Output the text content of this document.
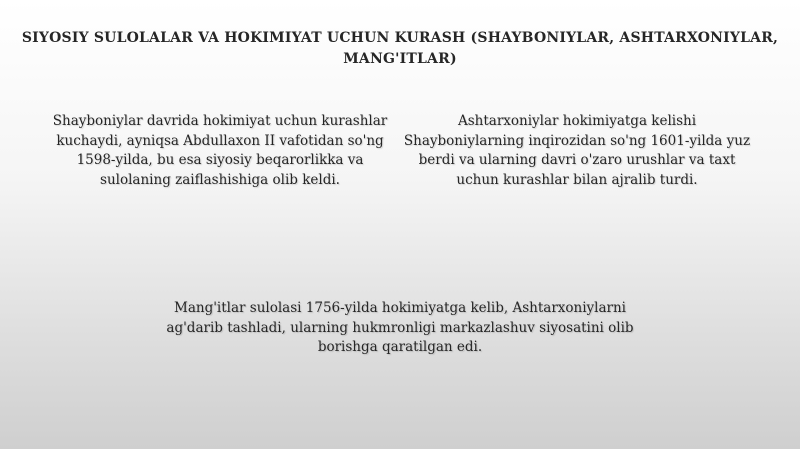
SIYOSIY SULOLALAR VA HOKIMIYAT UCHUN KURASH (SHAYBONIYLAR, ASHTARXONIYLAR, MANG'ITLAR)

Shayboniylar davrida hokimiyat uchun kurashlar kuchaydi, ayniqsa Abdullaxon II vafotidan so'ng 1598-yilda, bu esa siyosiy beqarorlikka va sulolaning zaiflashishiga olib keldi.

Ashtarxoniylar hokimiyatga kelishi Shayboniylarning inqirozidan so'ng 1601-yilda yuz berdi va ularning davri o'zaro urushlar va taxt uchun kurashlar bilan ajralib turdi.

Mang'itlar sulolasi 1756-yilda hokimiyatga kelib, Ashtarxoniylarni ag'darib tashladi, ularning hukmronligi markazlashuv siyosatini olib borishga qaratilgan edi.
